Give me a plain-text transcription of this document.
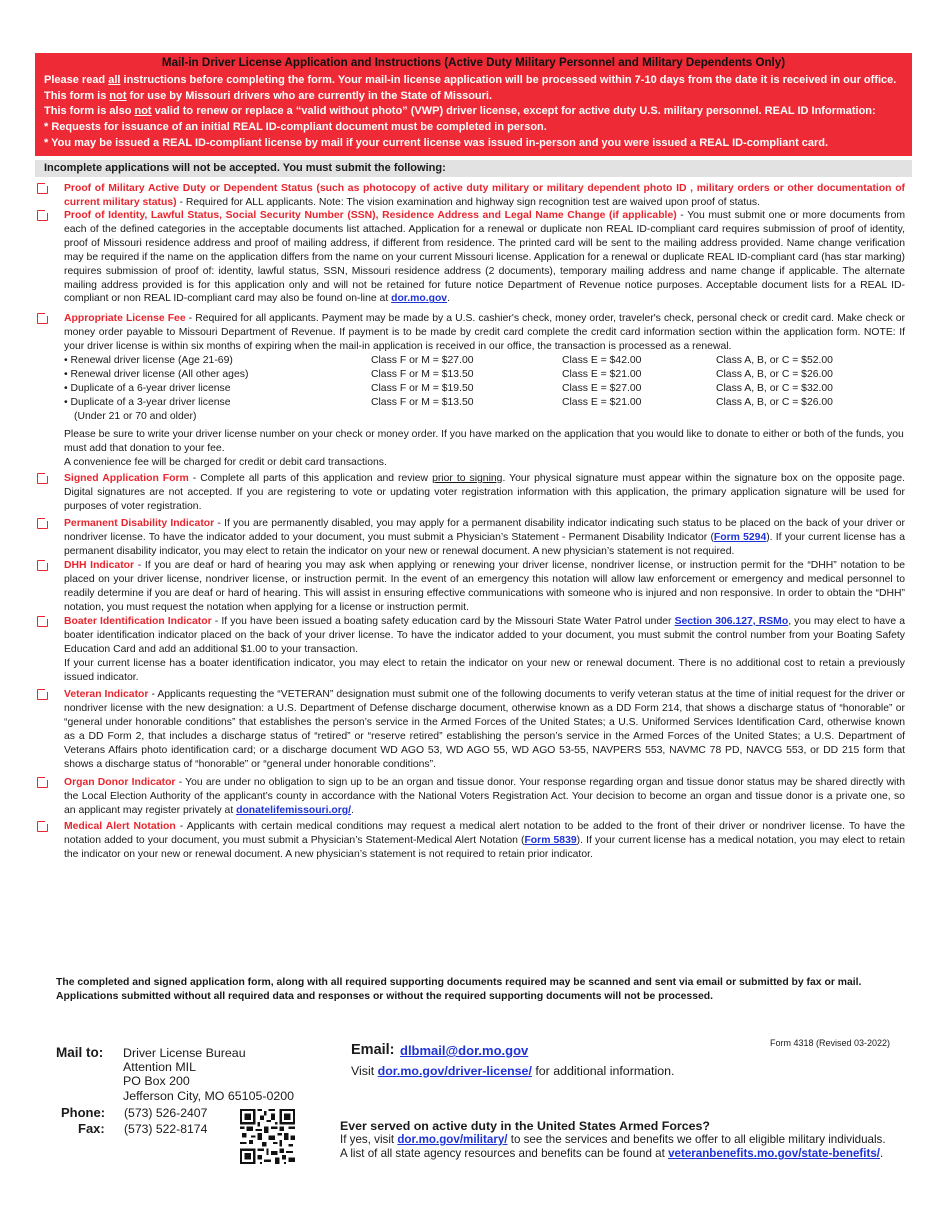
Mail-in Driver License Application and Instructions (Active Duty Military Personnel and Military Dependents Only)
Please read all instructions before completing the form. Your mail-in license application will be processed within 7-10 days from the date it is received in our office.
This form is not for use by Missouri drivers who are currently in the State of Missouri.
This form is also not valid to renew or replace a “valid without photo” (VWP) driver license, except for active duty U.S. military personnel. REAL ID Information:
* Requests for issuance of an initial REAL ID-compliant document must be completed in person.
* You may be issued a REAL ID-compliant license by mail if your current license was issued in-person and you were issued a REAL ID-compliant card.
Incomplete applications will not be accepted. You must submit the following:
Proof of Military Active Duty or Dependent Status (such as photocopy of active duty military or military dependent photo ID , military orders or other documentation of current military status) - Required for ALL applicants. Note: The vision examination and highway sign recognition test are waived upon proof of status.
Proof of Identity, Lawful Status, Social Security Number (SSN), Residence Address and Legal Name Change (if applicable) - You must submit one or more documents from each of the defined categories in the acceptable documents list attached. Application for a renewal or duplicate non REAL ID-compliant card requires submission of proof of identity, proof of Missouri residence address and proof of mailing address, if different from residence. The printed card will be sent to the mailing address provided. Name change verification may be required if the name on the application differs from the name on your current Missouri license. Application for a renewal or duplicate REAL ID-compliant card (has star marking) requires submission of proof of: identity, lawful status, SSN, Missouri residence address (2 documents), temporary mailing address and name change if applicable. The alternate mailing address provided is for this application only and will not be retained for future notice Department of Revenue notice purposes. Acceptable document lists for a REAL ID-compliant or non REAL ID-compliant card may also be found on-line at dor.mo.gov.
Appropriate License Fee - Required for all applicants. Payment may be made by a U.S. cashier's check, money order, traveler's check, personal check or credit card. Make check or money order payable to Missouri Department of Revenue. If payment is to be made by credit card complete the credit card information section within the application form. NOTE: If your driver license is within six months of expiring when the mail-in application is received in our office, the transaction is processed as a renewal.
• Renewal driver license (Age 21-69)	Class F or M = $27.00	Class E = $42.00	Class A, B, or C = $52.00
• Renewal driver license (All other ages)	Class F or M = $13.50	Class E = $21.00	Class A, B, or C = $26.00
• Duplicate of a 6-year driver license	Class F or M = $19.50	Class E = $27.00	Class A, B, or C = $32.00
• Duplicate of a 3-year driver license	Class F or M = $13.50	Class E = $21.00	Class A, B, or C = $26.00
(Under 21 or 70 and older)
Please be sure to write your driver license number on your check or money order. If you have marked on the application that you would like to donate to either or both of the funds, you must add that donation to your fee.
A convenience fee will be charged for credit or debit card transactions.
Signed Application Form - Complete all parts of this application and review prior to signing. Your physical signature must appear within the signature box on the opposite page. Digital signatures are not accepted. If you are registering to vote or updating voter registration information with this application, the primary application signature will be used for purposes of voter registration.
Permanent Disability Indicator - If you are permanently disabled, you may apply for a permanent disability indicator indicating such status to be placed on the back of your driver or nondriver license. To have the indicator added to your document, you must submit a Physician’s Statement - Permanent Disability Indicator (Form 5294). If your current license has a permanent disability indicator, you may elect to retain the indicator on your new or renewal document. A new physician’s statement is not required.
DHH Indicator - If you are deaf or hard of hearing you may ask when applying or renewing your driver license, nondriver license, or instruction permit for the “DHH” notation to be placed on your driver license, nondriver license, or instruction permit. In the event of an emergency this notation will allow law enforcement or emergency and medical personnel to readily determine if you are deaf or hard of hearing. This will assist in ensuring effective communications with someone who is injured and non responsive. In order to obtain the “DHH” notation, you must request the notation when applying for a license or instruction permit.
Boater Identification Indicator - If you have been issued a boating safety education card by the Missouri State Water Patrol under Section 306.127, RSMo, you may elect to have a boater identification indicator placed on the back of your driver license. To have the indicator added to your document, you must submit the control number from your Boating Safety Education Card and add an additional $1.00 to your transaction.
If your current license has a boater identification indicator, you may elect to retain the indicator on your new or renewal document. There is no additional cost to retain a previously issued indicator.
Veteran Indicator - Applicants requesting the “VETERAN” designation must submit one of the following documents to verify veteran status at the time of initial request for the driver or nondriver license with the new designation: a U.S. Department of Defense discharge document, otherwise known as a DD Form 214, that shows a discharge status of “honorable” or “general under honorable conditions” that establishes the person’s service in the Armed Forces of the United States; a U.S. Uniformed Services Identification Card, otherwise known as a DD Form 2, that includes a discharge status of “retired” or “reserve retired” establishing the person’s service in the Armed Forces of the United States; a U.S. Department of Veterans Affairs photo identification card; or a discharge document WD AGO 53, WD AGO 55, WD AGO 53-55, NAVPERS 553, NAVMC 78 PD, NAVCG 553, or DD 215 form that shows a discharge status of “honorable” or “general under honorable conditions”.
Organ Donor Indicator - You are under no obligation to sign up to be an organ and tissue donor. Your response regarding organ and tissue donor status may be shared directly with the Local Election Authority of the applicant’s county in accordance with the National Voters Registration Act. Your decision to become an organ and tissue donor is a private one, so an applicant may register privately at donatelifemissouri.org/.
Medical Alert Notation - Applicants with certain medical conditions may request a medical alert notation to be added to the front of their driver or nondriver license. To have the notation added to your document, you must submit a Physician’s Statement-Medical Alert Notation (Form 5839). If your current license has a medical notation, you may elect to retain the indicator on your new or renewal document. A new physician’s statement is not required to retain prior indicator.
The completed and signed application form, along with all required supporting documents required may be scanned and sent via email or submitted by fax or mail.
Applications submitted without all required data and responses or without the required supporting documents will not be processed.
Form 4318 (Revised 03-2022)
Mail to: Driver License Bureau
Attention MIL
PO Box 200
Jefferson City, MO 65105-0200
Phone: (573) 526-2407
Fax: (573) 522-8174
Email: dlbmail@dor.mo.gov
Visit dor.mo.gov/driver-license/ for additional information.
Ever served on active duty in the United States Armed Forces?
If yes, visit dor.mo.gov/military/ to see the services and benefits we offer to all eligible military individuals.
A list of all state agency resources and benefits can be found at veteranbenefits.mo.gov/state-benefits/.
